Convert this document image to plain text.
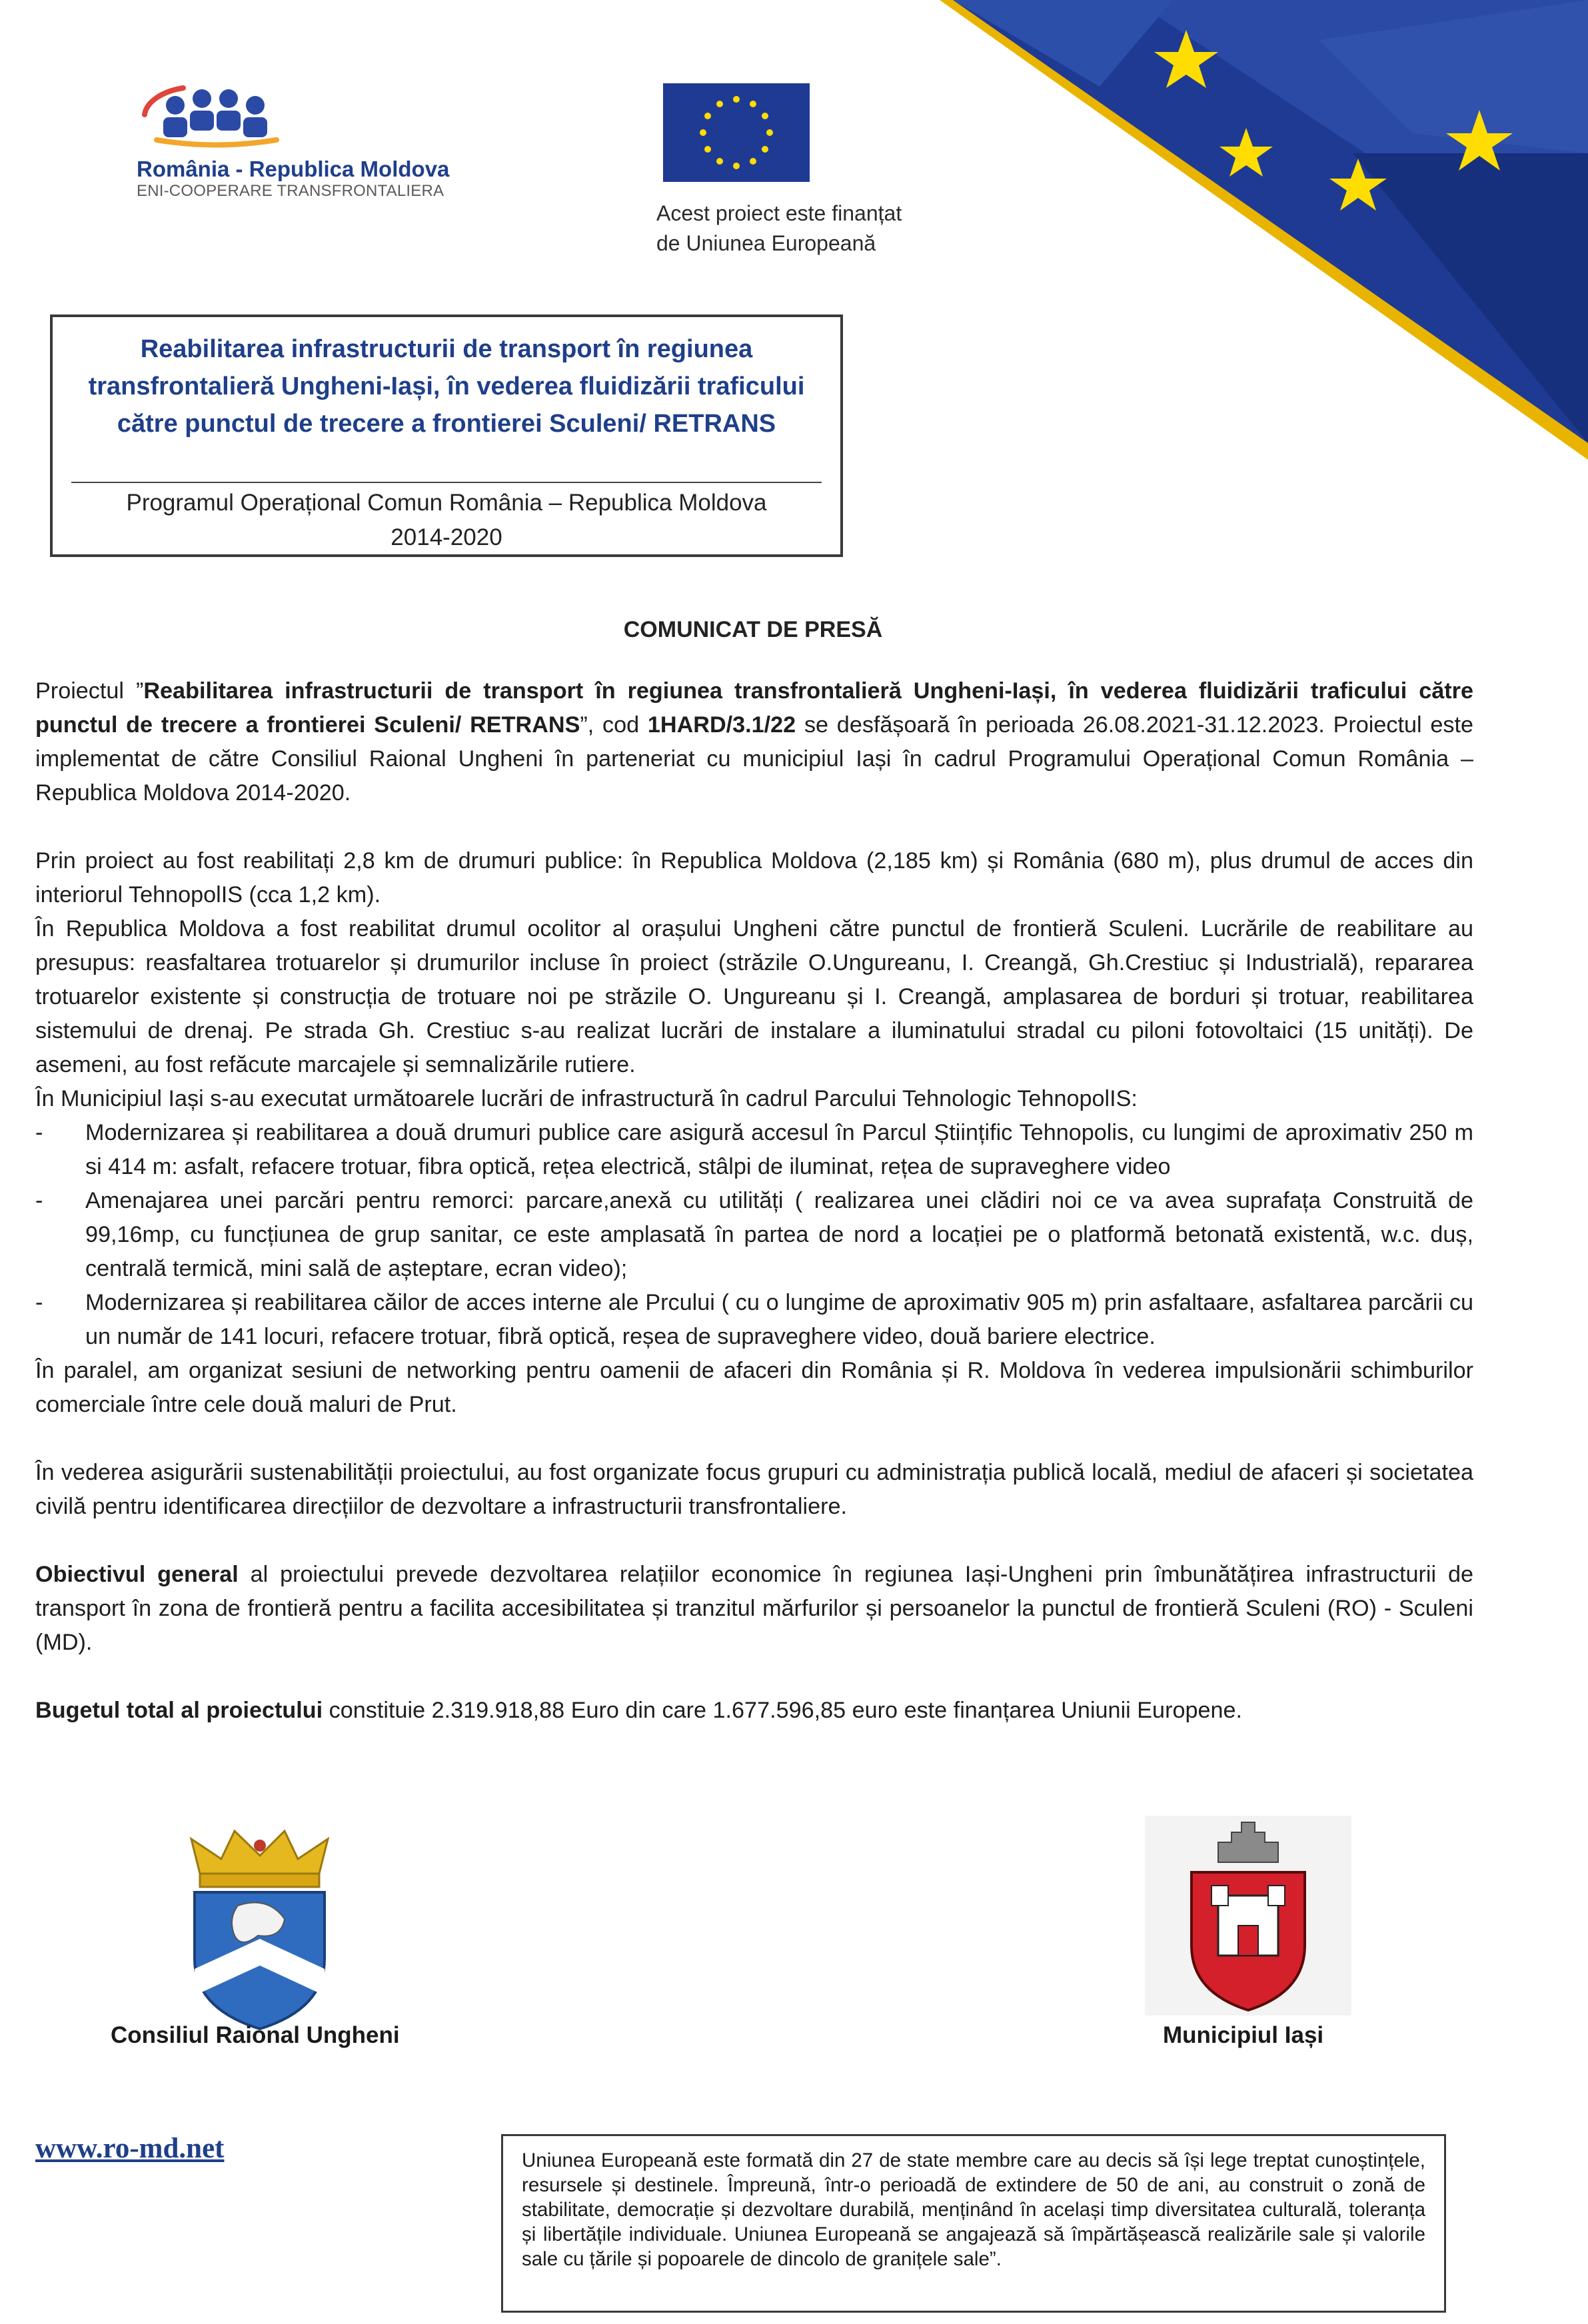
România - Republica Moldova
ENI-COOPERARE TRANSFRONTALIERA
Acest proiect este finanțat
de Uniunea Europeană
Reabilitarea infrastructurii de transport în regiunea transfrontalieră Ungheni-Iași, în vederea fluidizării traficului către punctul de trecere a frontierei Sculeni/ RETRANS
Programul Operațional Comun România – Republica Moldova
2014-2020
COMUNICAT DE PRESĂ

Proiectul ”Reabilitarea infrastructurii de transport în regiunea transfrontalieră Ungheni-Iași, în vederea fluidizării traficului către punctul de trecere a frontierei Sculeni/ RETRANS”, cod 1HARD/3.1/22 se desfășoară în perioada 26.08.2021-31.12.2023. Proiectul este implementat de către Consiliul Raional Ungheni în parteneriat cu municipiul Iași în cadrul Programului Operațional Comun România – Republica Moldova 2014-2020.

Prin proiect au fost reabilitați 2,8 km de drumuri publice: în Republica Moldova (2,185 km) și România (680 m), plus drumul de acces din interiorul TehnopolIS (cca 1,2 km).

În Republica Moldova a fost reabilitat drumul ocolitor al orașului Ungheni către punctul de frontieră Sculeni. Lucrările de reabilitare au presupus: reasfaltarea trotuarelor și drumurilor incluse în proiect (străzile O.Ungureanu, I. Creangă, Gh.Crestiuc și Industrială), repararea trotuarelor existente și construcția de trotuare noi pe străzile O. Ungureanu și I. Creangă, amplasarea de borduri și trotuar, reabilitarea sistemului de drenaj. Pe strada Gh. Crestiuc s-au realizat lucrări de instalare a iluminatului stradal cu piloni fotovoltaici (15 unități). De asemeni, au fost refăcute marcajele și semnalizările rutiere.

În Municipiul Iași s-au executat următoarele lucrări de infrastructură în cadrul Parcului Tehnologic TehnopolIS:

- Modernizarea și reabilitarea a două drumuri publice care asigură accesul în Parcul Științific Tehnopolis, cu lungimi de aproximativ 250 m si 414 m: asfalt, refacere trotuar, fibra optică, rețea electrică, stâlpi de iluminat, rețea de supraveghere video
- Amenajarea unei parcări pentru remorci: parcare,anexă cu utilități ( realizarea unei clădiri noi ce va avea suprafața Construită de 99,16mp, cu funcțiunea de grup sanitar, ce este amplasată în partea de nord a locației pe o platformă betonată existentă, w.c. duș, centrală termică, mini sală de așteptare, ecran video);
- Modernizarea și reabilitarea căilor de acces interne ale Prcului ( cu o lungime de aproximativ 905 m) prin asfaltaare, asfaltarea parcării cu un număr de 141 locuri, refacere trotuar, fibră optică, reșea de supraveghere video, două bariere electrice.

În paralel, am organizat sesiuni de networking pentru oamenii de afaceri din România și R. Moldova în vederea impulsionării schimburilor comerciale între cele două maluri de Prut.

În vederea asigurării sustenabilității proiectului, au fost organizate focus grupuri cu administrația publică locală, mediul de afaceri și societatea civilă pentru identificarea direcțiilor de dezvoltare a infrastructurii transfrontaliere.

Obiectivul general al proiectului prevede dezvoltarea relațiilor economice în regiunea Iași-Ungheni prin îmbunătățirea infrastructurii de transport în zona de frontieră pentru a facilita accesibilitatea și tranzitul mărfurilor și persoanelor la punctul de frontieră Sculeni (RO) - Sculeni (MD).

Bugetul total al proiectului constituie 2.319.918,88 Euro din care 1.677.596,85 euro este finanțarea Uniunii Europene.

Consiliul Raional Ungheni	Municipiul Iași
www.ro-md.net	Uniunea Europeană este formată din 27 de state membre care au decis să își lege treptat cunoștințele, resursele și destinele. Împreună, într-o perioadă de extindere de 50 de ani, au construit o zonă de stabilitate, democrație și dezvoltare durabilă, menținând în același timp diversitatea culturală, toleranța și libertățile individuale. Uniunea Europeană se angajează să împărtășească realizările sale și valorile sale cu țările și popoarele de dincolo de granițele sale”.
